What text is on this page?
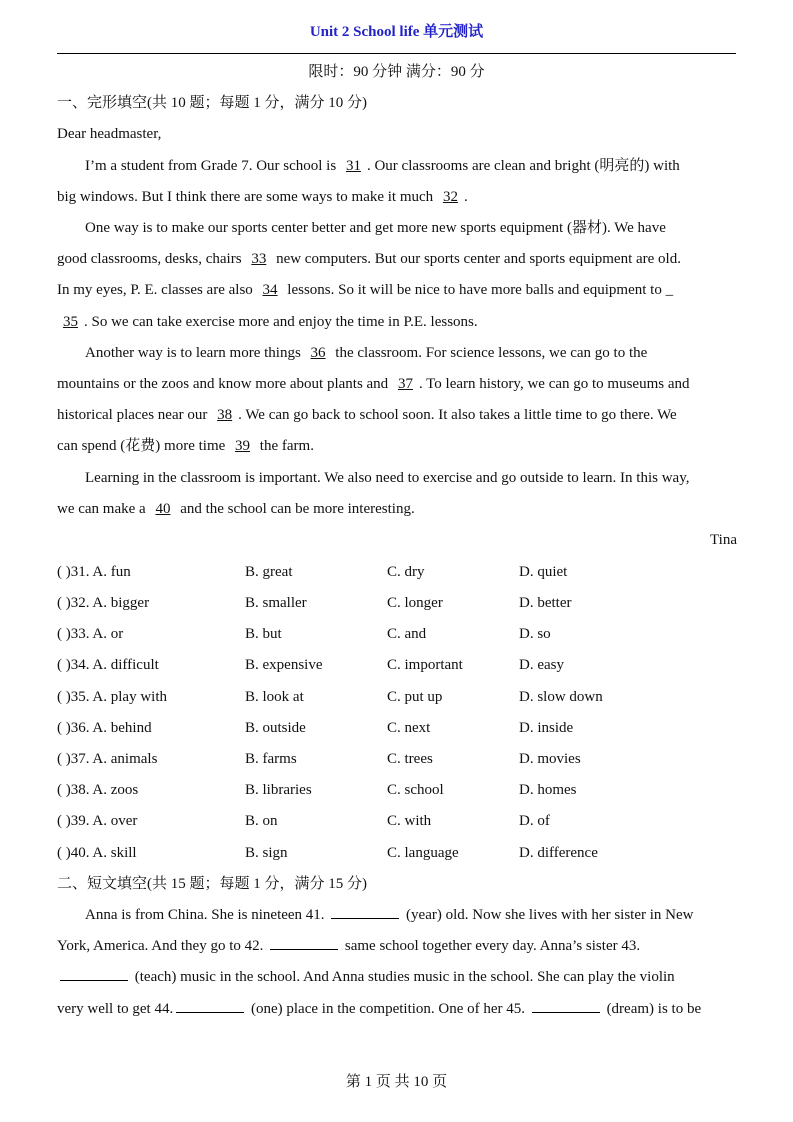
Unit 2 School life 单元测试
限时：90 分钟 满分：90 分
一、完形填空(共 10 题；每题 1 分，满分 10 分)
Dear headmaster,
I’m a student from Grade 7. Our school is 31 . Our classrooms are clean and bright (明亮的) with
big windows. But I think there are some ways to make it much 32 .
One way is to make our sports center better and get more new sports equipment (器材). We have
good classrooms, desks, chairs 33 new computers. But our sports center and sports equipment are old.
In my eyes, P. E. classes are also 34 lessons. So it will be nice to have more balls and equipment to _
35 . So we can take exercise more and enjoy the time in P.E. lessons.
Another way is to learn more things 36 the classroom. For science lessons, we can go to the
mountains or the zoos and know more about plants and 37 . To learn history, we can go to museums and
historical places near our 38 . We can go back to school soon. It also takes a little time to go there. We
can spend (花费) more time 39 the farm.
Learning in the classroom is important. We also need to exercise and go outside to learn. In this way,
we can make a 40 and the school can be more interesting.
Tina
( )31. A. fun	B. great	C. dry	D. quiet
( )32. A. bigger	B. smaller	C. longer	D. better
( )33. A. or	B. but	C. and	D. so
( )34. A. difficult	B. expensive	C. important	D. easy
( )35. A. play with	B. look at	C. put up	D. slow down
( )36. A. behind	B. outside	C. next	D. inside
( )37. A. animals	B. farms	C. trees	D. movies
( )38. A. zoos	B. libraries	C. school	D. homes
( )39. A. over	B. on	C. with	D. of
( )40. A. skill	B. sign	C. language	D. difference
二、短文填空(共 15 题；每题 1 分，满分 15 分)
Anna is from China. She is nineteen 41.	(year) old. Now she lives with her sister in New
York, America. And they go to 42.	same school together every day. Anna’s sister 43.
(teach) music in the school. And Anna studies music in the school. She can play the violin
very well to get 44.	(one) place in the competition. One of her 45.	(dream) is to be
第 1 页 共 10 页
